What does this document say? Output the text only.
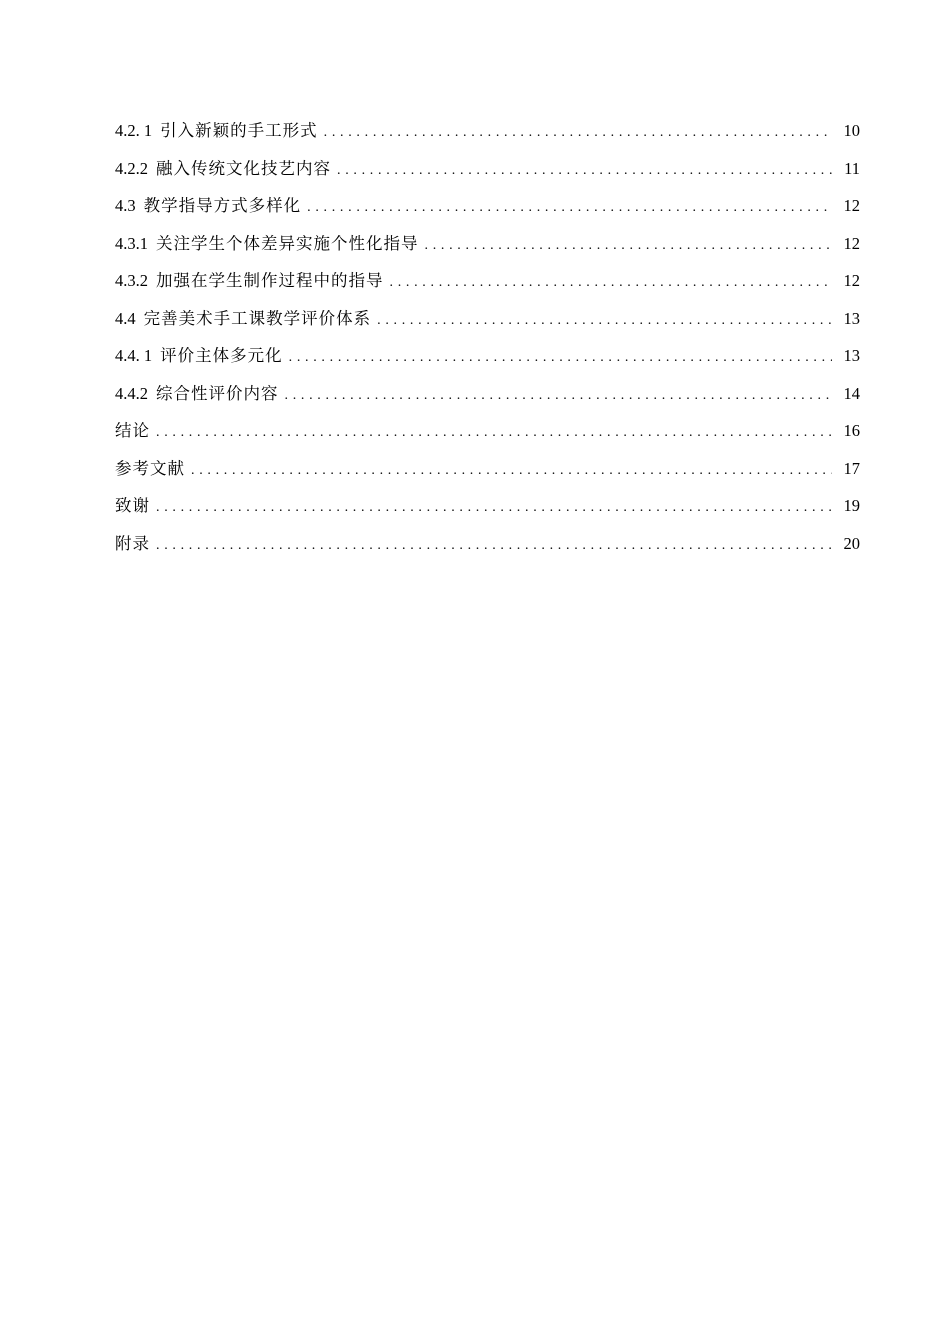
4.2. 1 引入新颖的手工形式 . . .	10
4.2.2 融入传统文化技艺内容 . . .	11
4.3 教学指导方式多样化 . . .	12
4.3.1 关注学生个体差异实施个性化指导 . . .	12
4.3.2 加强在学生制作过程中的指导 . . .	12
4.4 完善美术手工课教学评价体系 . . .	13
4.4. 1 评价主体多元化 . . .	13
4.4.2 综合性评价内容 . . .	14
结论 . . .	16
参考文献 . . .	17
致谢 . . .	19
附录 . . .	20
